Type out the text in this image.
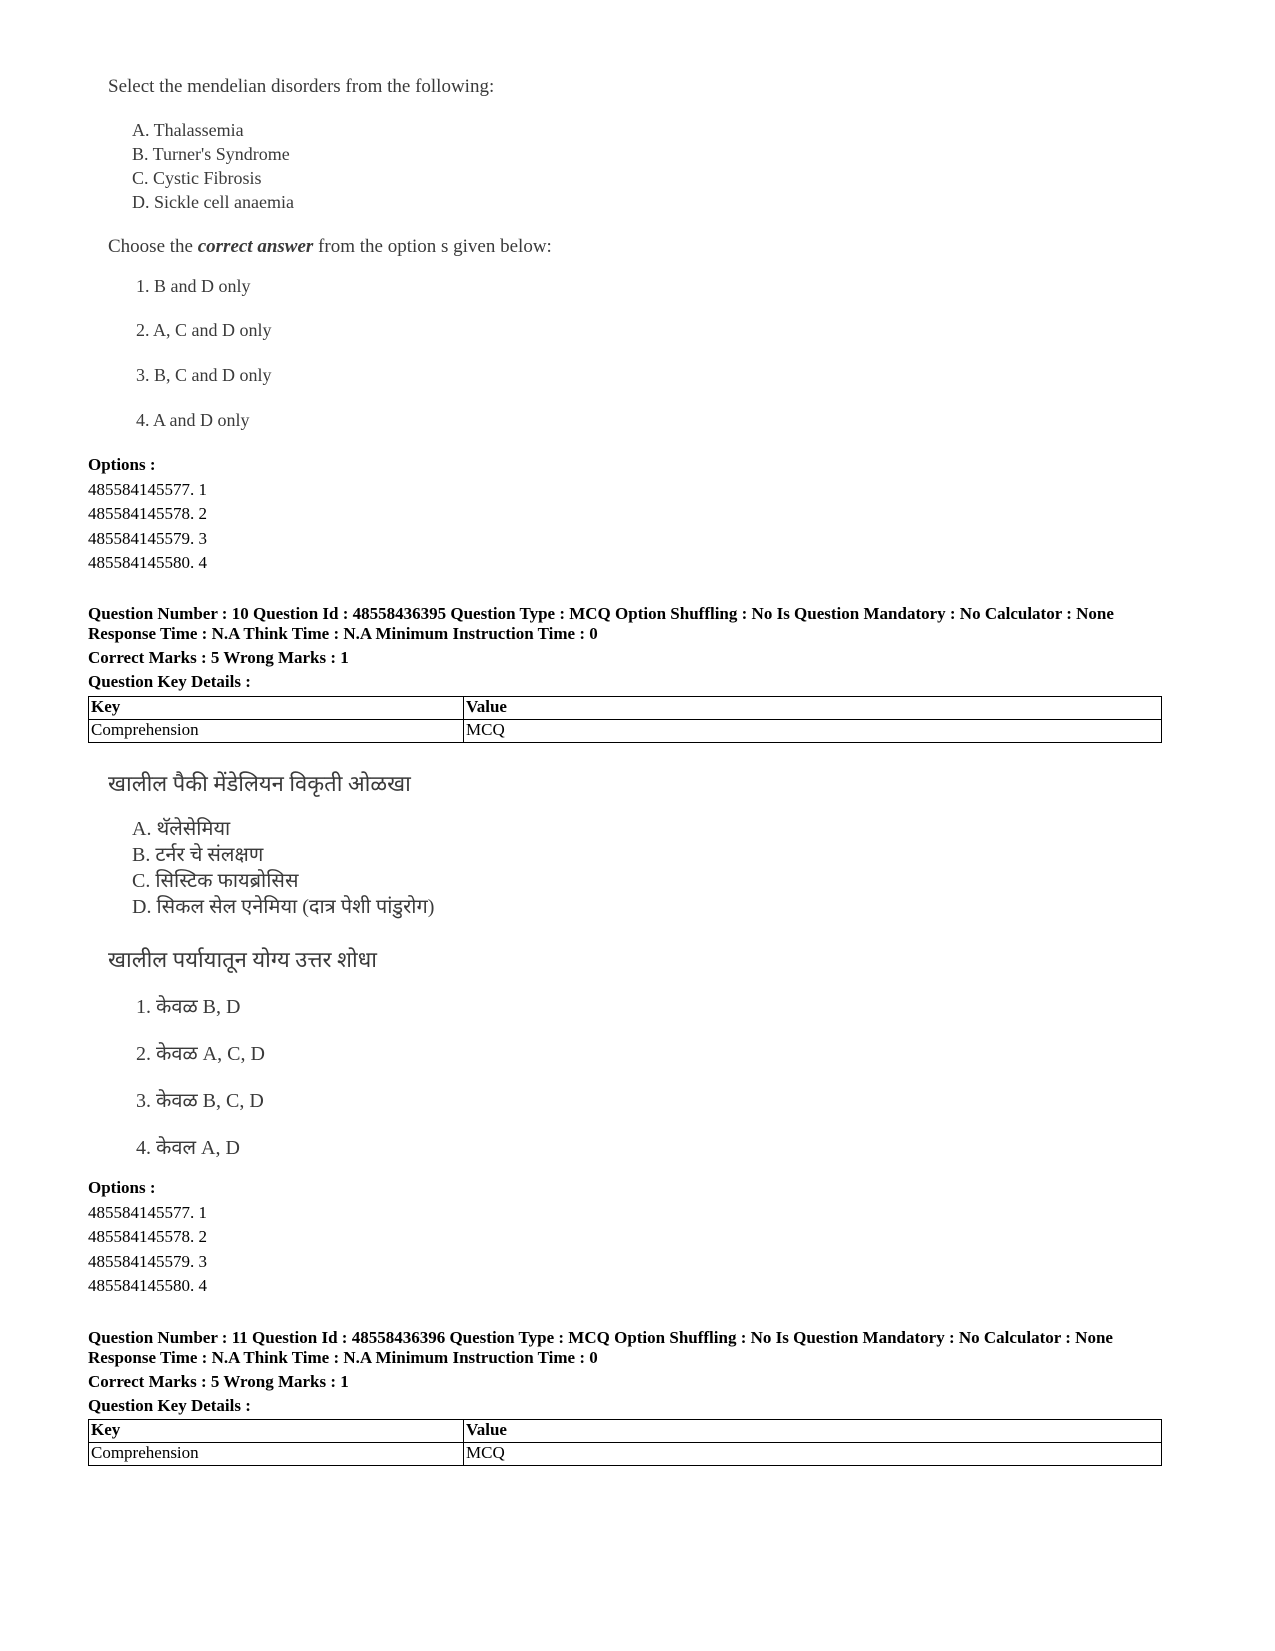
Select the mendelian disorders from the following:
A. Thalassemia
B. Turner's Syndrome
C. Cystic Fibrosis
D. Sickle cell anaemia
Choose the correct answer from the option s given below:
1. B and D only
2. A, C and D only
3. B, C and D only
4. A and D only
Options :
485584145577. 1
485584145578. 2
485584145579. 3
485584145580. 4
Question Number : 10 Question Id : 48558436395 Question Type : MCQ Option Shuffling : No Is Question Mandatory : No Calculator : None
Response Time : N.A Think Time : N.A Minimum Instruction Time : 0
Correct Marks : 5 Wrong Marks : 1
Question Key Details :
Key	Value
Comprehension	MCQ
खालील पैकी मेंडेलियन विकृती ओळखा
A. थॅलेसेमिया
B. टर्नर चे संलक्षण
C. सिस्टिक फायब्रोसिस
D. सिकल सेल एनेमिया (दात्र पेशी पांडुरोग)
खालील पर्यायातून योग्य उत्तर शोधा
1. केवळ B, D
2. केवळ A, C, D
3. केवळ B, C, D
4. केवल A, D
Options :
485584145577. 1
485584145578. 2
485584145579. 3
485584145580. 4
Question Number : 11 Question Id : 48558436396 Question Type : MCQ Option Shuffling : No Is Question Mandatory : No Calculator : None
Response Time : N.A Think Time : N.A Minimum Instruction Time : 0
Correct Marks : 5 Wrong Marks : 1
Question Key Details :
Key	Value
Comprehension	MCQ
